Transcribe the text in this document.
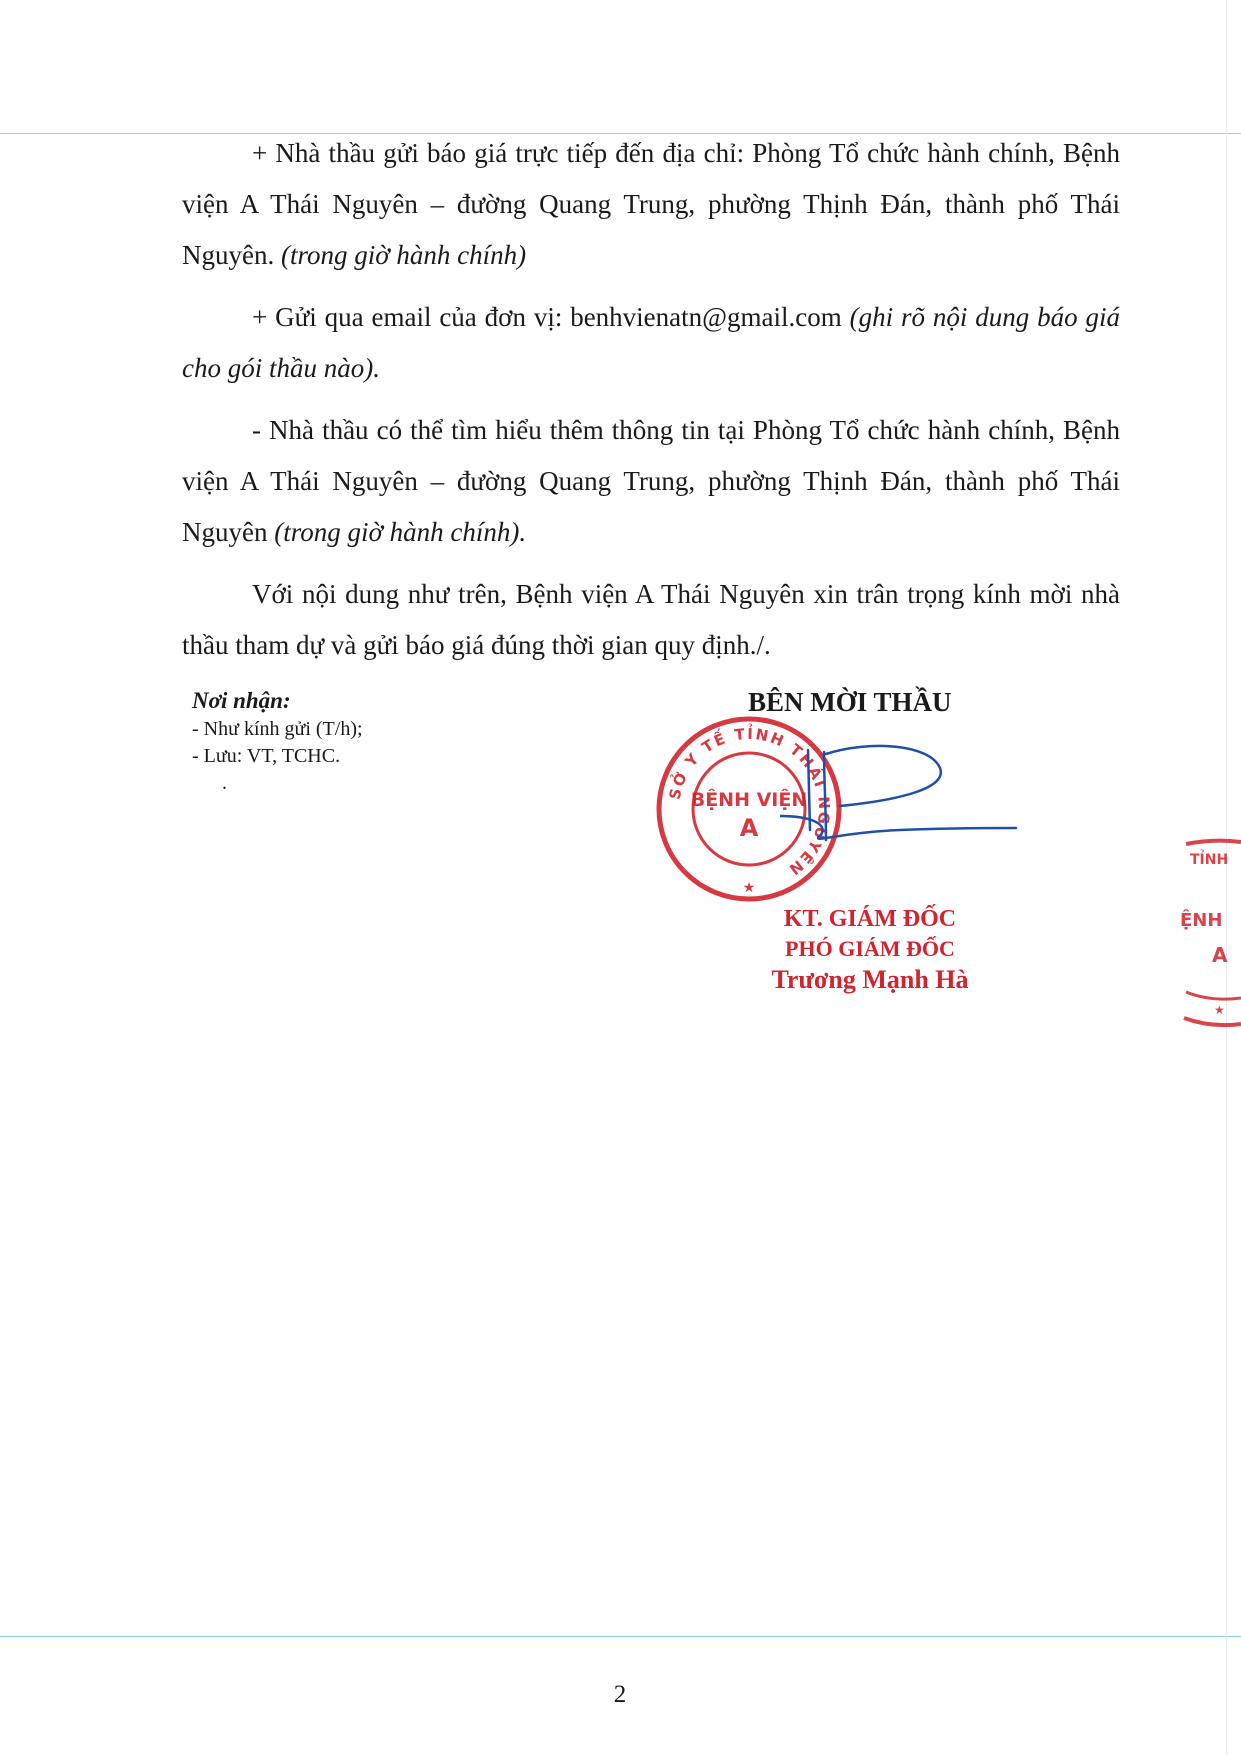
+ Nhà thầu gửi báo giá trực tiếp đến địa chỉ: Phòng Tổ chức hành chính, Bệnh viện A Thái Nguyên – đường Quang Trung, phường Thịnh Đán, thành phố Thái Nguyên. (trong giờ hành chính)

+ Gửi qua email của đơn vị: benhvienatn@gmail.com (ghi rõ nội dung báo giá cho gói thầu nào).

- Nhà thầu có thể tìm hiểu thêm thông tin tại Phòng Tổ chức hành chính, Bệnh viện A Thái Nguyên – đường Quang Trung, phường Thịnh Đán, thành phố Thái Nguyên (trong giờ hành chính).

Với nội dung như trên, Bệnh viện A Thái Nguyên xin trân trọng kính mời nhà thầu tham dự và gửi báo giá đúng thời gian quy định./.

Nơi nhận:
- Như kính gửi (T/h);
- Lưu: VT, TCHC.
.
BÊN MỜI THẦU
SỞ Y TẾ TỈNH THÁI NGUYÊN
BỆNH VIỆN
A
★
KT. GIÁM ĐỐC
PHÓ GIÁM ĐỐC
Trương Mạnh Hà
TỈNH
ỆNH
A
★
2
